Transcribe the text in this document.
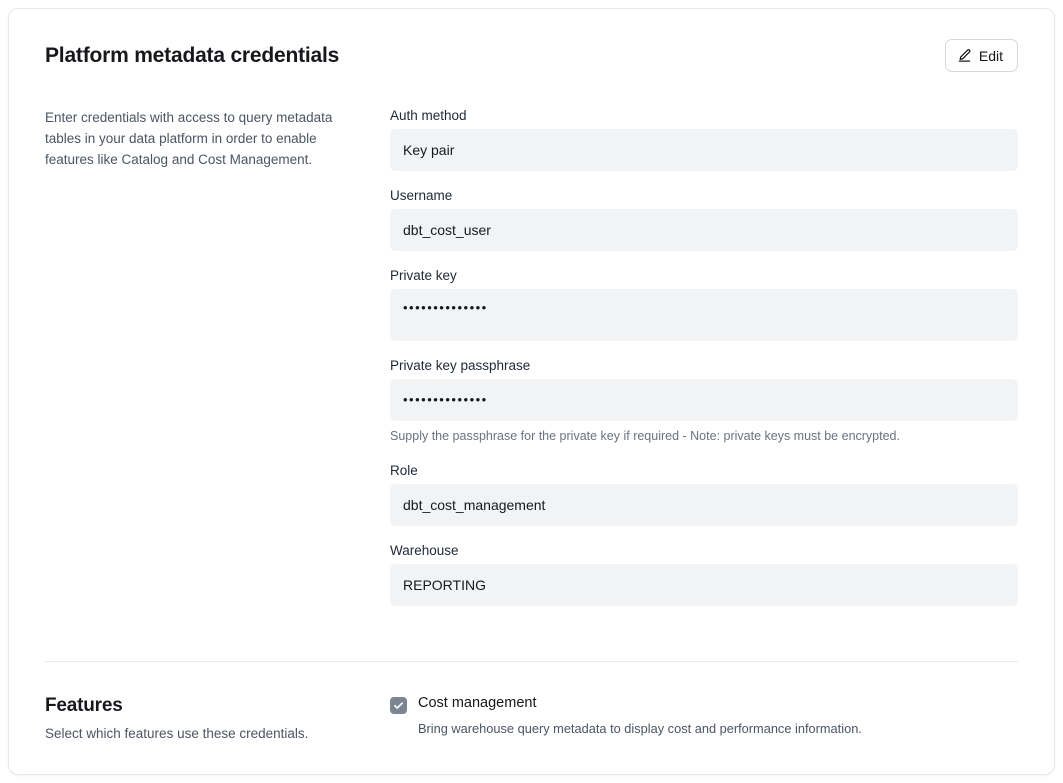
Platform metadata credentials	Edit

Enter credentials with access to query metadata tables in your data platform in order to enable features like Catalog and Cost Management.

Auth method
Key pair
Username
dbt_cost_user
Private key
••••••••••••••
Private key passphrase
••••••••••••••
Supply the passphrase for the private key if required - Note: private keys must be encrypted.
Role
dbt_cost_management
Warehouse
REPORTING
Features

Select which features use these credentials.

Cost management
Bring warehouse query metadata to display cost and performance information.
